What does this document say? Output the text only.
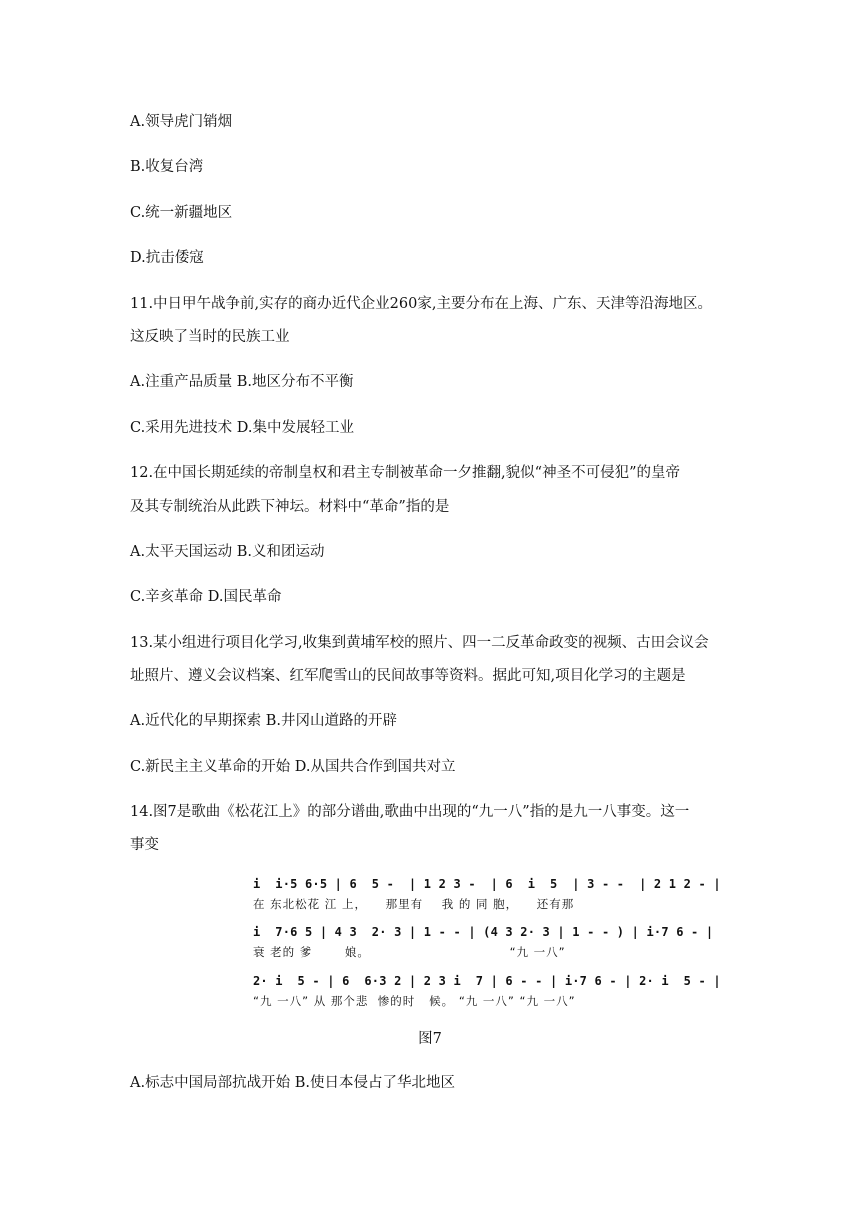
A.领导虎门销烟

B.收复台湾

C.统一新疆地区

D.抗击倭寇

11.中日甲午战争前,实存的商办近代企业260家,主要分布在上海、广东、天津等沿海地区。

这反映了当时的民族工业

A.注重产品质量 B.地区分布不平衡

C.采用先进技术 D.集中发展轻工业

12.在中国长期延续的帝制皇权和君主专制被革命一夕推翻,貌似“神圣不可侵犯”的皇帝

及其专制统治从此跌下神坛。材料中“革命”指的是

A.太平天国运动 B.义和团运动

C.辛亥革命 D.国民革命

13.某小组进行项目化学习,收集到黄埔军校的照片、四一二反革命政变的视频、古田会议会

址照片、遵义会议档案、红军爬雪山的民间故事等资料。据此可知,项目化学习的主题是

A.近代化的早期探索 B.井冈山道路的开辟

C.新民主主义革命的开始 D.从国共合作到国共对立

14.图7是歌曲《松花江上》的部分谱曲,歌曲中出现的“九一八”指的是九一八事变。这一

事变

i  i·5 6·5 | 6  5 -  | 1 2 3 -  | 6  i  5  | 3 - -  | 2 1 2 - |

在 东北松花 江 上，    那里有    我 的 同 胞，    还有那

i  7·6 5 | 4 3  2· 3 | 1 - - | (4 3 2· 3 | 1 - - ) | i·7 6 - |

衰 老的 爹       娘。                              “九 一八”

2· i  5 - | 6  6·3 2 | 2 3 i  7 | 6 - - | i·7 6 - | 2· i  5 - |

“九 一八” 从 那个悲  惨的时   候。 “九 一八” “九 一八”

图7

A.标志中国局部抗战开始 B.使日本侵占了华北地区
